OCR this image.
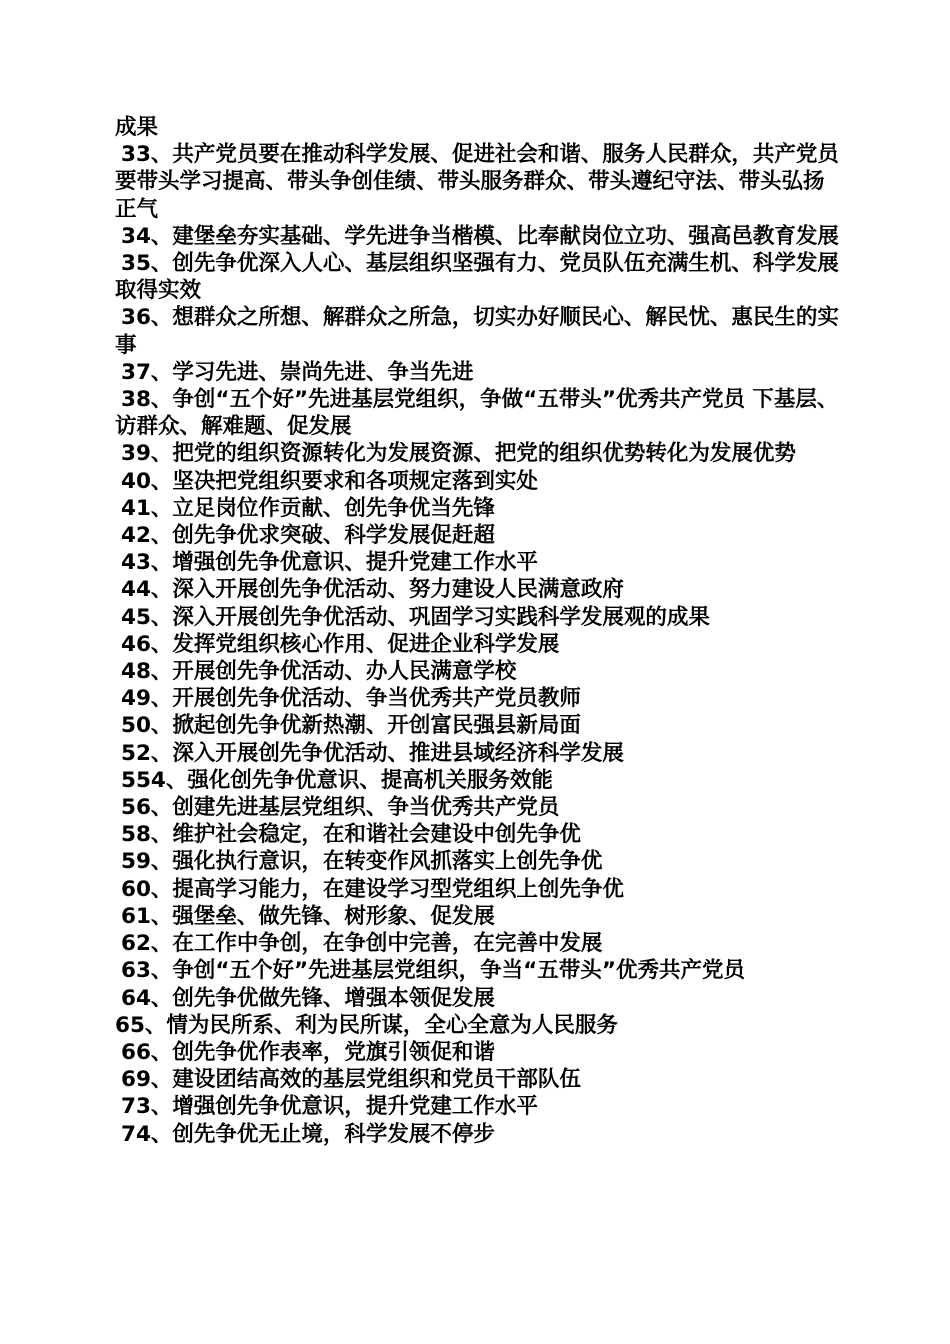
成果

33、共产党员要在推动科学发展、促进社会和谐、服务人民群众，共产党员要带头学习提高、带头争创佳绩、带头服务群众、带头遵纪守法、带头弘扬正气

34、建堡垒夯实基础、学先进争当楷模、比奉献岗位立功、强高邑教育发展

35、创先争优深入人心、基层组织坚强有力、党员队伍充满生机、科学发展取得实效

36、想群众之所想、解群众之所急，切实办好顺民心、解民忧、惠民生的实事

37、学习先进、崇尚先进、争当先进

38、争创“五个好”先进基层党组织，争做“五带头”优秀共产党员 下基层、访群众、解难题、促发展

39、把党的组织资源转化为发展资源、把党的组织优势转化为发展优势

40、坚决把党组织要求和各项规定落到实处

41、立足岗位作贡献、创先争优当先锋

42、创先争优求突破、科学发展促赶超

43、增强创先争优意识、提升党建工作水平

44、深入开展创先争优活动、努力建设人民满意政府

45、深入开展创先争优活动、巩固学习实践科学发展观的成果

46、发挥党组织核心作用、促进企业科学发展

48、开展创先争优活动、办人民满意学校

49、开展创先争优活动、争当优秀共产党员教师

50、掀起创先争优新热潮、开创富民强县新局面

52、深入开展创先争优活动、推进县域经济科学发展

554、强化创先争优意识、提高机关服务效能

56、创建先进基层党组织、争当优秀共产党员

58、维护社会稳定，在和谐社会建设中创先争优

59、强化执行意识，在转变作风抓落实上创先争优

60、提高学习能力，在建设学习型党组织上创先争优

61、强堡垒、做先锋、树形象、促发展

62、在工作中争创，在争创中完善，在完善中发展

63、争创“五个好”先进基层党组织，争当“五带头”优秀共产党员

64、创先争优做先锋、增强本领促发展

65、情为民所系、利为民所谋，全心全意为人民服务

66、创先争优作表率，党旗引领促和谐

69、建设团结高效的基层党组织和党员干部队伍

73、增强创先争优意识，提升党建工作水平

74、创先争优无止境，科学发展不停步
